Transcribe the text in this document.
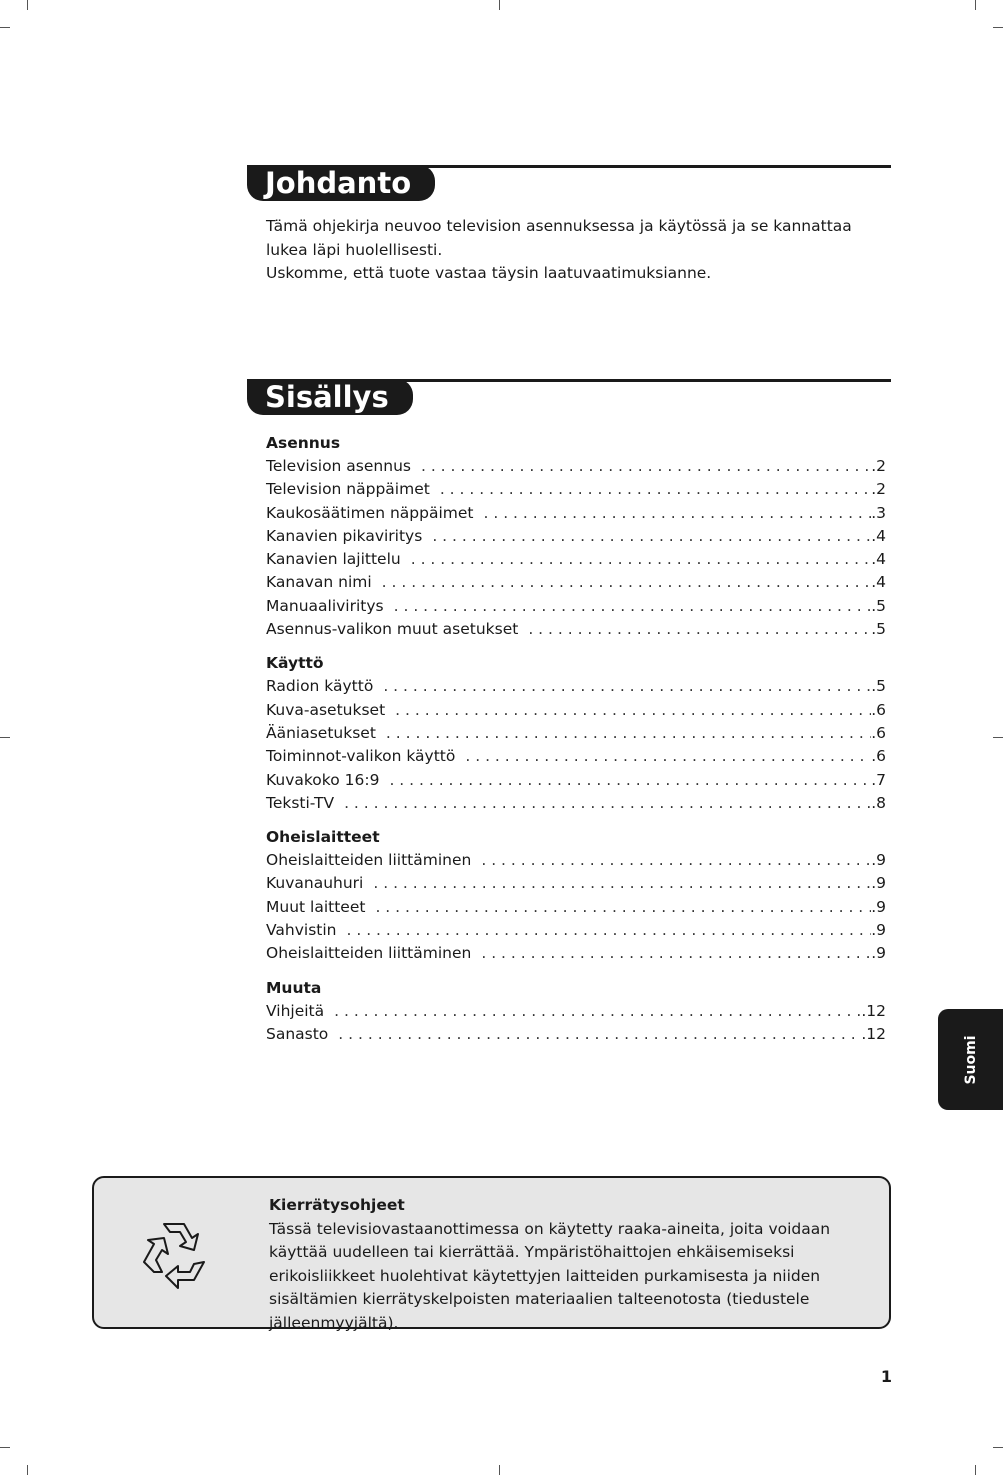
Johdanto

Tämä ohjekirja neuvoo television asennuksessa ja käytössä ja se kannattaa lukea läpi huolellisesti.

Uskomme, että tuote vastaa täysin laatuvaatimuksianne.

Sisällys
Asennus
Television asennus . . .	.2
Television näppäimet . . .	.2
Kaukosäätimen näppäimet . . .	.3
Kanavien pikaviritys . . .	.4
Kanavien lajittelu . . .	.4
Kanavan nimi . . .	.4
Manuaaliviritys . . .	.5
Asennus-valikon muut asetukset . . .	.5
Käyttö
Radion käyttö . . .	.5
Kuva-asetukset . . .	.6
Ääniasetukset . . .	.6
Toiminnot-valikon käyttö . . .	.6
Kuvakoko 16:9 . . .	.7
Teksti-TV . . .	.8
Oheislaitteet
Oheislaitteiden liittäminen . . .	.9
Kuvanauhuri . . .	.9
Muut laitteet . . .	.9
Vahvistin . . .	.9
Oheislaitteiden liittäminen . . .	.9
Muuta
Vihjeitä . . .	.12
Sanasto . . .	.12
Suomi
Kierrätysohjeet

Tässä televisiovastaanottimessa on käytetty raaka-aineita, joita voidaan käyttää uudelleen tai kierrättää. Ympäristöhaittojen ehkäisemiseksi erikoisliikkeet huolehtivat käytettyjen laitteiden purkamisesta ja niiden sisältämien kierrätyskelpoisten materiaalien talteenotosta (tiedustele jälleenmyyjältä).

1
